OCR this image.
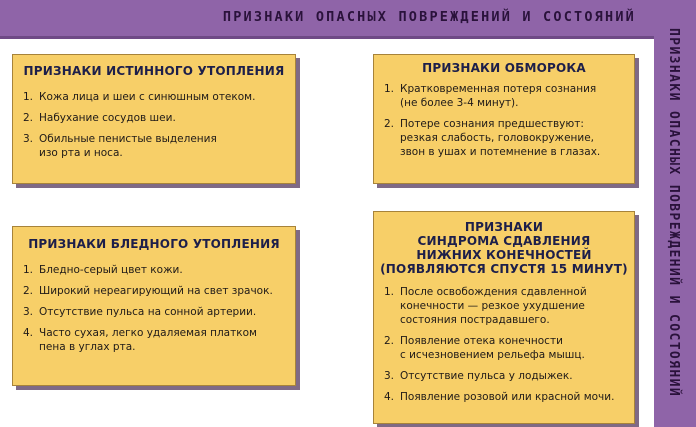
ПРИЗНАКИ ОПАСНЫХ ПОВРЕЖДЕНИЙ И СОСТОЯНИЙ
ПРИЗНАКИ ОПАСНЫХ ПОВРЕЖДЕНИЙ И СОСТОЯНИЙ
ПРИЗНАКИ ИСТИННОГО УТОПЛЕНИЯ
1. Кожа лица и шеи с синюшным отеком.
2. Набухание сосудов шеи.
3. Обильные пенистые выделения
изо рта и носа.
ПРИЗНАКИ ОБМОРОКА
1. Кратковременная потеря сознания
(не более 3-4 минут).
2. Потере сознания предшествуют:
резкая слабость, головокружение,
звон в ушах и потемнение в глазах.
ПРИЗНАКИ БЛЕДНОГО УТОПЛЕНИЯ
1. Бледно-серый цвет кожи.
2. Широкий нереагирующий на свет зрачок.
3. Отсутствие пульса на сонной артерии.
4. Часто сухая, легко удаляемая платком
пена в углах рта.
ПРИЗНАКИ
СИНДРОМА СДАВЛЕНИЯ
НИЖНИХ КОНЕЧНОСТЕЙ
(ПОЯВЛЯЮТСЯ СПУСТЯ 15 МИНУТ)
1. После освобождения сдавленной
конечности — резкое ухудшение
состояния пострадавшего.
2. Появление отека конечности
с исчезновением рельефа мышц.
3. Отсутствие пульса у лодыжек.
4. Появление розовой или красной мочи.
